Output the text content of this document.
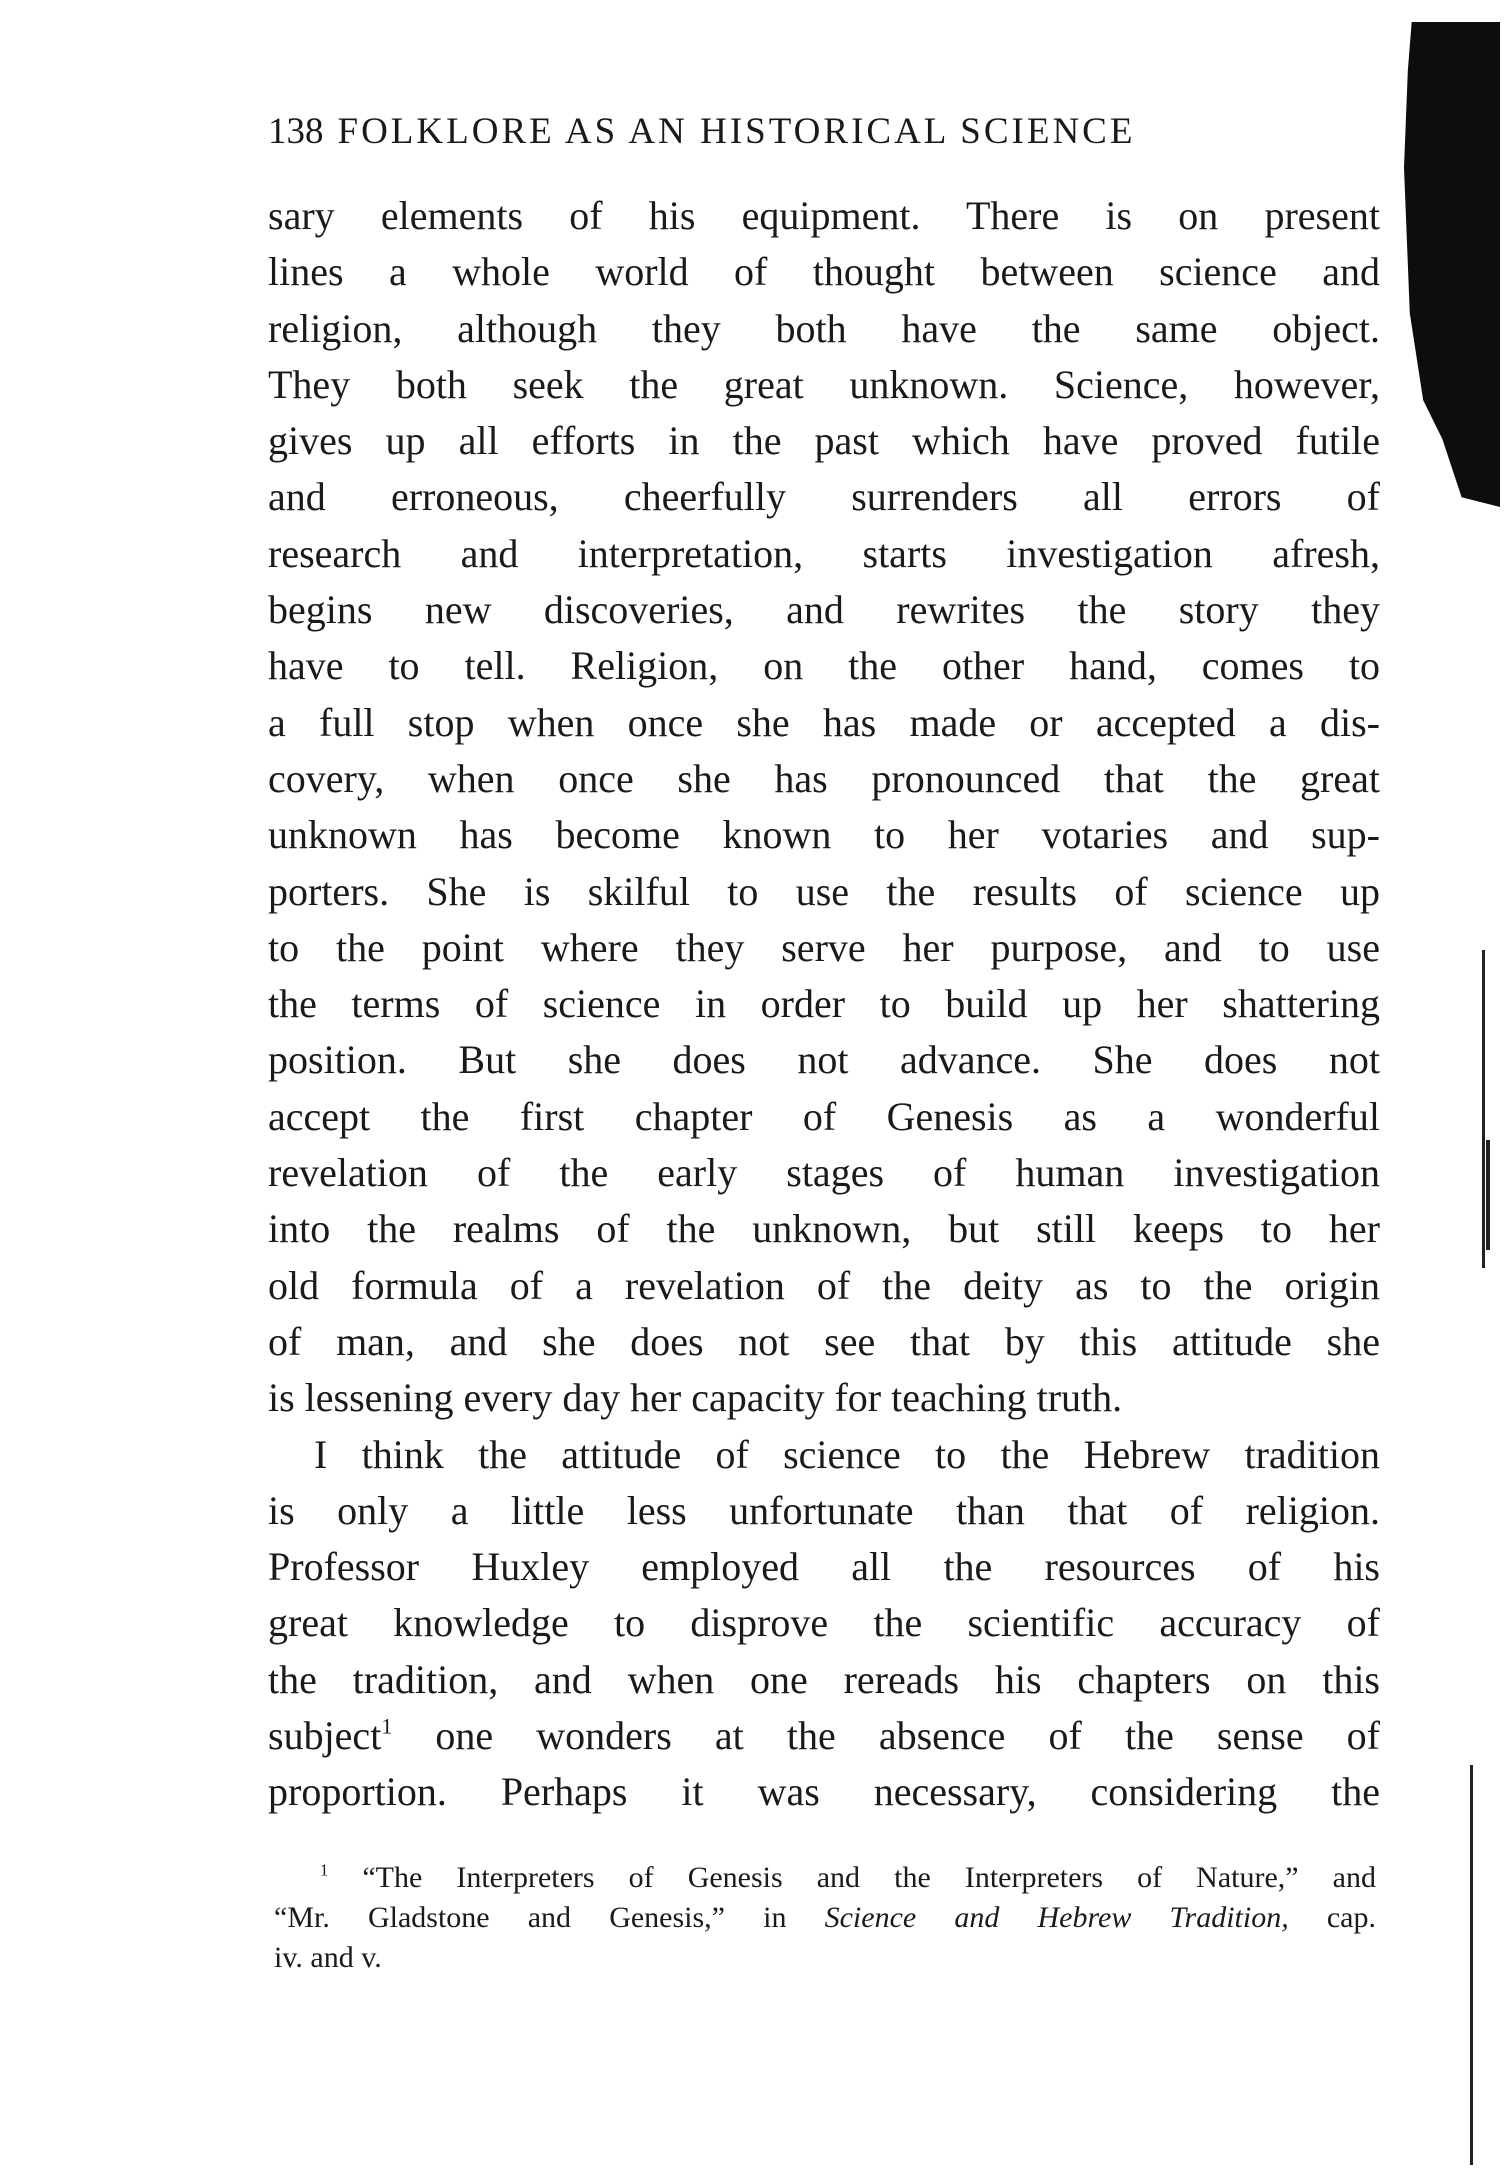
138 FOLKLORE AS AN HISTORICAL SCIENCE
sary elements of his equipment. There is on present
lines a whole world of thought between science and
religion, although they both have the same object.
They both seek the great unknown. Science, however,
gives up all efforts in the past which have proved futile
and erroneous, cheerfully surrenders all errors of
research and interpretation, starts investigation afresh,
begins new discoveries, and rewrites the story they
have to tell. Religion, on the other hand, comes to
a full stop when once she has made or accepted a dis-
covery, when once she has pronounced that the great
unknown has become known to her votaries and sup-
porters. She is skilful to use the results of science up
to the point where they serve her purpose, and to use
the terms of science in order to build up her shattering
position. But she does not advance. She does not
accept the first chapter of Genesis as a wonderful
revelation of the early stages of human investigation
into the realms of the unknown, but still keeps to her
old formula of a revelation of the deity as to the origin
of man, and she does not see that by this attitude she
is lessening every day her capacity for teaching truth.
I think the attitude of science to the Hebrew tradition
is only a little less unfortunate than that of religion.
Professor Huxley employed all the resources of his
great knowledge to disprove the scientific accuracy of
the tradition, and when one rereads his chapters on this
subject$^1$ one wonders at the absence of the sense of
proportion. Perhaps it was necessary, considering the
$^1$ “The Interpreters of Genesis and the Interpreters of Nature,” and
“Mr. Gladstone and Genesis,” in Science and Hebrew Tradition, cap.
iv. and v.
